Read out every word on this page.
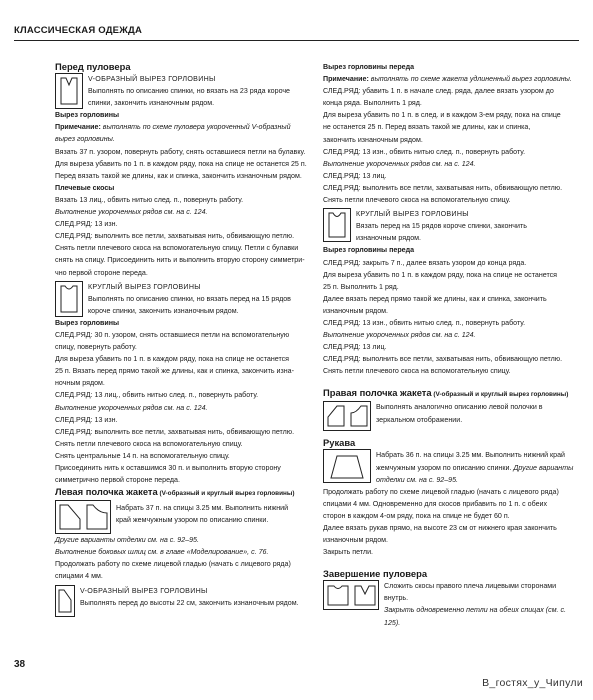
КЛАССИЧЕСКАЯ ОДЕЖДА

Перед пуловера

V-ОБРАЗНЫЙ ВЫРЕЗ ГОРЛОВИНЫ

Выполнять по описанию спинки, но вязать на 23 ряда короче

спинки, закончить изнаночным рядом.

Вырез горловины

Примечание: выполнять по схеме пуловера укороченный V-образный

вырез горловины.

Вязать 37 п. узором, повернуть работу, снять оставшиеся петли на булавку.

Для выреза убавить по 1 п. в каждом ряду, пока на спице не останется 25 п.

Перед вязать такой же длины, как и спинка, закончить изнаночным рядом.

Плечевые скосы

Вязать 13 лиц., обвить нитью след. п., повернуть работу.

Выполнение укороченных рядов см. на с. 124.

СЛЕД.РЯД: 13 изн.

СЛЕД.РЯД: выполнить все петли, захватывая нить, обвивающую петлю.

Снять петли плечевого скоса на вспомогательную спицу. Петли с булавки

снять на спицу. Присоединить нить и выполнить вторую сторону симметри-

чно первой стороне переда.

КРУГЛЫЙ ВЫРЕЗ ГОРЛОВИНЫ

Выполнять по описанию спинки, но вязать перед на 15 рядов

короче спинки, закончить изнаночным рядом.

Вырез горловины

СЛЕД.РЯД: 30 п. узором, снять оставшиеся петли на вспомогательную

спицу, повернуть работу.

Для выреза убавить по 1 п. в каждом ряду, пока на спице не останется

25 п. Вязать перед прямо такой же длины, как и спинка, закончить изна-

ночным рядом.

СЛЕД.РЯД: 13 лиц., обвить нитью след. п., повернуть работу.

Выполнение укороченных рядов см. на с. 124.

СЛЕД.РЯД: 13 изн.

СЛЕД.РЯД: выполнить все петли, захватывая нить, обвивающую петлю.

Снять петли плечевого скоса на вспомогательную спицу.

Снять центральные 14 п. на вспомогательную спицу.

Присоединить нить к оставшимся 30 п. и выполнить вторую сторону

симметрично первой стороне переда.

Левая полочка жакета (V-образный и круглый вырез горловины)

Набрать 37 п. на спицы 3.25 мм. Выполнить нижний

край жемчужным узором по описанию спинки.

Другие варианты отделки см. на с. 92–95.

Выполнение боковых шлиц см. в главе «Моделирование», с. 76.

Продолжать работу по схеме лицевой гладью (начать с лицевого ряда)

спицами 4 мм.

V-ОБРАЗНЫЙ ВЫРЕЗ ГОРЛОВИНЫ

Выполнять перед до высоты 22 см, закончить изнаночным рядом.

Вырез горловины переда

Примечание: выполнять по схеме жакета удлиненный вырез горловины.

СЛЕД.РЯД: убавить 1 п. в начале след. ряда, далее вязать узором до

конца ряда. Выполнить 1 ряд.

Для выреза убавить по 1 п. в след. и в каждом 3-ем ряду, пока на спице

не останется 25 п. Перед вязать такой же длины, как и спинка,

закончить изнаночным рядом.

СЛЕД.РЯД: 13 изн., обвить нитью след. п., повернуть работу.

Выполнение укороченных рядов см. на с. 124.

СЛЕД.РЯД: 13 лиц.

СЛЕД.РЯД: выполнить все петли, захватывая нить, обвивающую петлю.

Снять петли плечевого скоса на вспомогательную спицу.

КРУГЛЫЙ ВЫРЕЗ ГОРЛОВИНЫ

Вязать перед на 15 рядов короче спинки, закончить

изнаночным рядом.

Вырез горловины переда

СЛЕД.РЯД: закрыть 7 п., далее вязать узором до конца ряда.

Для выреза убавить по 1 п. в каждом ряду, пока на спице не останется

25 п. Выполнить 1 ряд.

Далее вязать перед прямо такой же длины, как и спинка, закончить

изнаночным рядом.

СЛЕД.РЯД: 13 изн., обвить нитью след. п., повернуть работу.

Выполнение укороченных рядов см. на с. 124.

СЛЕД.РЯД: 13 лиц.

СЛЕД.РЯД: выполнить все петли, захватывая нить, обвивающую петлю.

Снять петли плечевого скоса на вспомогательную спицу.

Правая полочка жакета (V-образный и круглый вырез горловины)

Выполнять аналогично описанию левой полочки в

зеркальном отображении.

Рукава

Набрать 36 п. на спицы 3.25 мм. Выполнить нижний край

жемчужным узором по описанию спинки. Другие варианты

отделки см. на с. 92–95.

Продолжать работу по схеме лицевой гладью (начать с лицевого ряда)

спицами 4 мм. Одновременно для скосов прибавить по 1 п. с обеих

сторон в каждом 4-ом ряду, пока на спице не будет 60 п.

Далее вязать рукав прямо, на высоте 23 см от нижнего края закончить

изнаночным рядом.

Закрыть петли.

Завершение пуловера

Сложить скосы правого плеча лицевыми сторонами внутрь.

Закрыть одновременно петли на обеих спицах (см. с. 125).

38
В_гостях_у_Чипули
